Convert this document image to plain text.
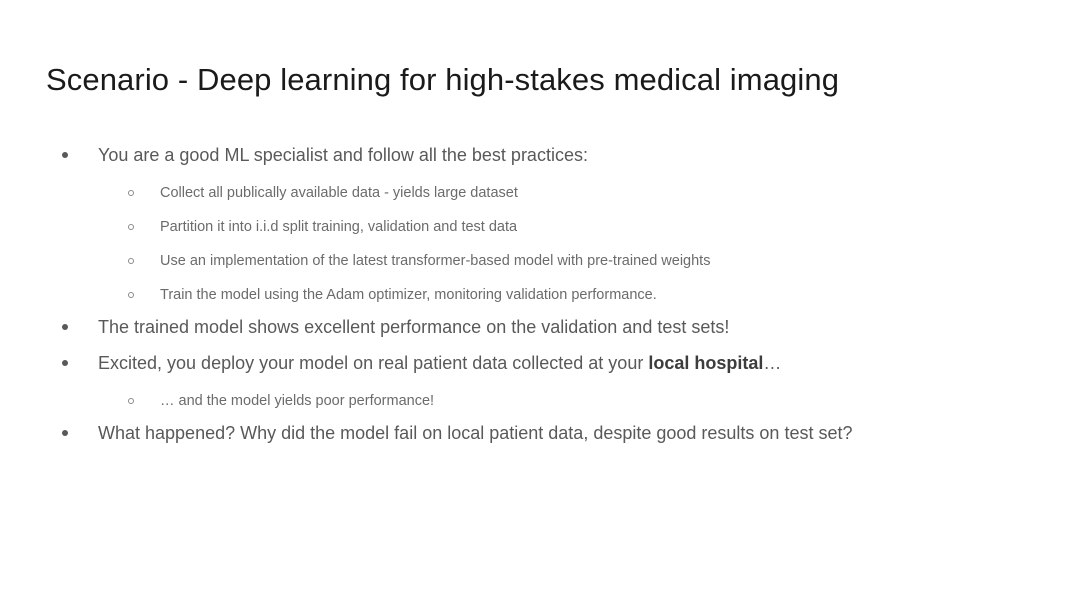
Scenario - Deep learning for high-stakes medical imaging
You are a good ML specialist and follow all the best practices:
Collect all publically available data - yields large dataset
Partition it into i.i.d split training, validation and test data
Use an implementation of the latest transformer-based model with pre-trained weights
Train the model using the Adam optimizer, monitoring validation performance.
The trained model shows excellent performance on the validation and test sets!
Excited, you deploy your model on real patient data collected at your local hospital…
… and the model yields poor performance!
What happened? Why did the model fail on local patient data, despite good results on test set?
